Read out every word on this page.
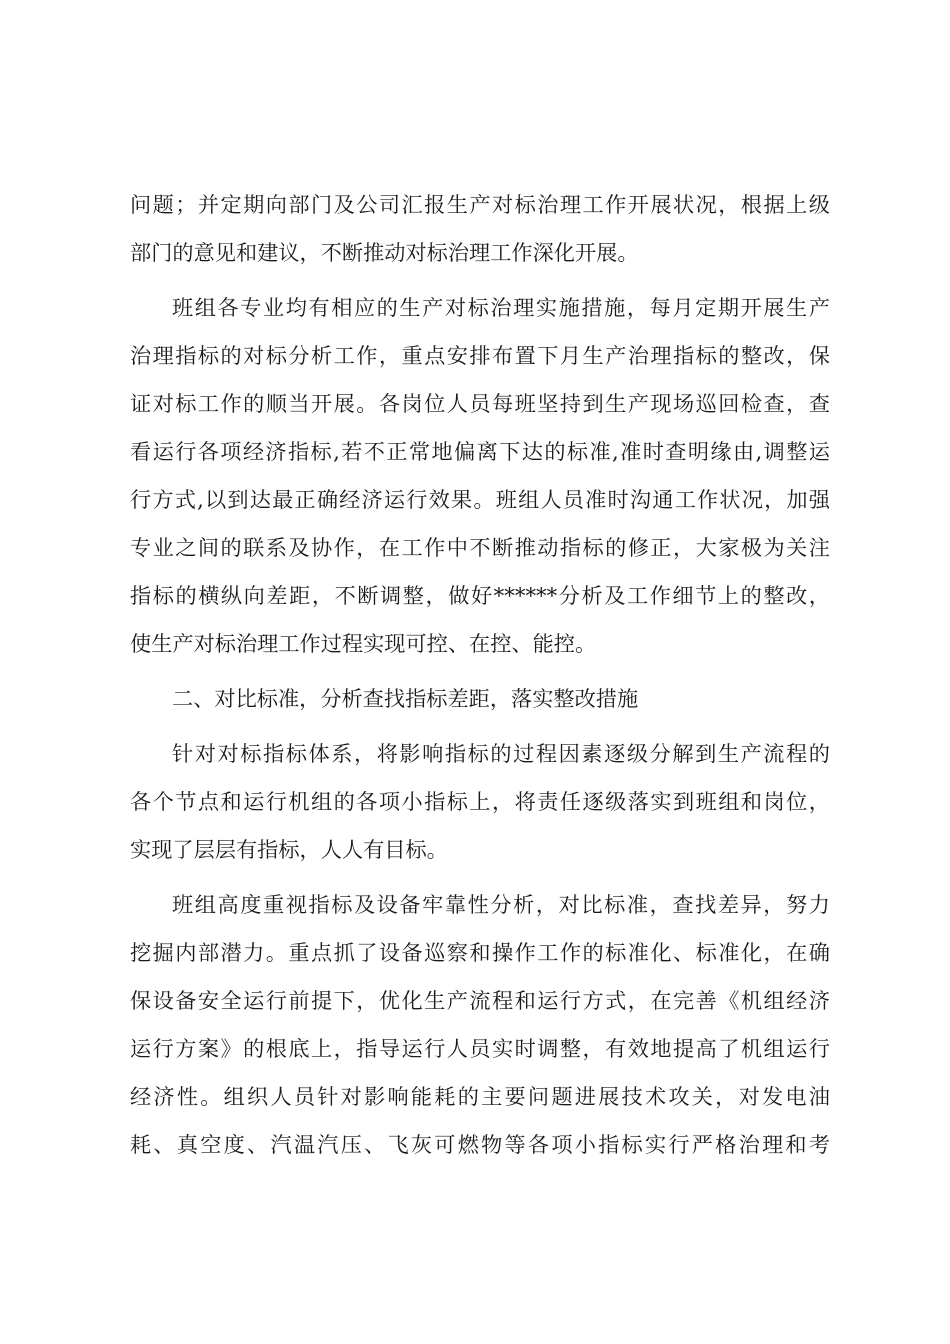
问题；并定期向部门及公司汇报生产对标治理工作开展状况，根据上级

部门的意见和建议，不断推动对标治理工作深化开展。

班组各专业均有相应的生产对标治理实施措施，每月定期开展生产

治理指标的对标分析工作，重点安排布置下月生产治理指标的整改，保

证对标工作的顺当开展。各岗位人员每班坚持到生产现场巡回检查，查

看运行各项经济指标,若不正常地偏离下达的标准,准时查明缘由,调整运

行方式,以到达最正确经济运行效果。班组人员准时沟通工作状况，加强

专业之间的联系及协作，在工作中不断推动指标的修正，大家极为关注

指标的横纵向差距，不断调整，做好******分析及工作细节上的整改，

使生产对标治理工作过程实现可控、在控、能控。

二、对比标准，分析查找指标差距，落实整改措施

针对对标指标体系，将影响指标的过程因素逐级分解到生产流程的

各个节点和运行机组的各项小指标上，将责任逐级落实到班组和岗位，

实现了层层有指标，人人有目标。

班组高度重视指标及设备牢靠性分析，对比标准，查找差异，努力

挖掘内部潜力。重点抓了设备巡察和操作工作的标准化、标准化，在确

保设备安全运行前提下，优化生产流程和运行方式，在完善《机组经济

运行方案》的根底上，指导运行人员实时调整，有效地提高了机组运行

经济性。组织人员针对影响能耗的主要问题进展技术攻关，对发电油

耗、真空度、汽温汽压、飞灰可燃物等各项小指标实行严格治理和考
